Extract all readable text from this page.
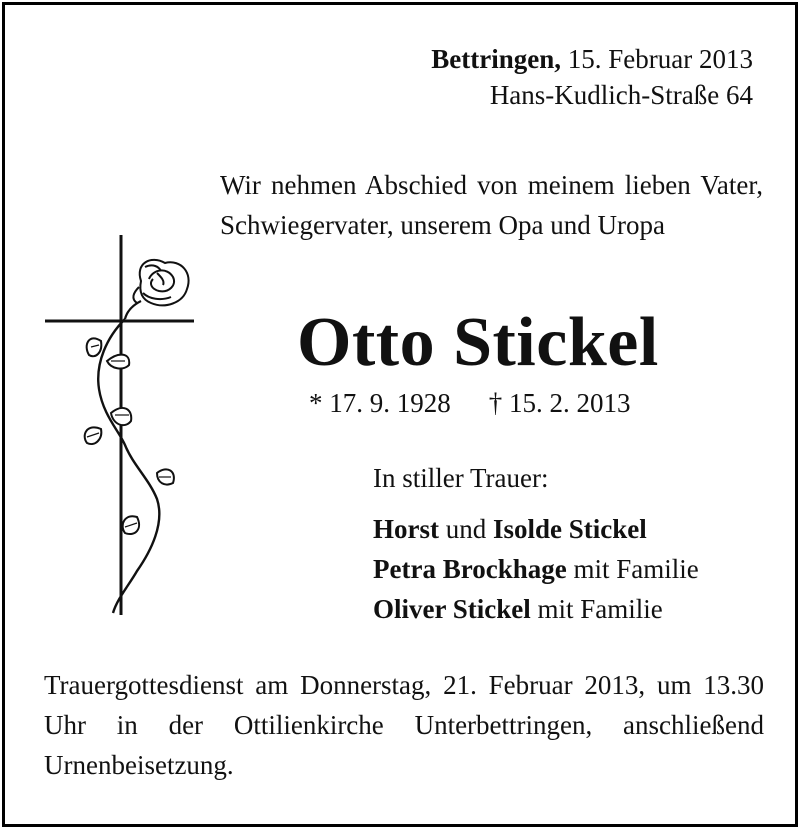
Bettringen, 15. Februar 2013
Hans-Kudlich-Straße 64
Wir nehmen Abschied von meinem lieben Vater, Schwiegervater, unserem Opa und Uropa
Otto Stickel
* 17. 9. 1928 † 15. 2. 2013
In stiller Trauer:
Horst und Isolde Stickel
Petra Brockhage mit Familie
Oliver Stickel mit Familie
Trauergottesdienst am Donnerstag, 21. Februar 2013, um 13.30 Uhr in der Ottilienkirche Unterbettringen, anschließend Urnenbeisetzung.
